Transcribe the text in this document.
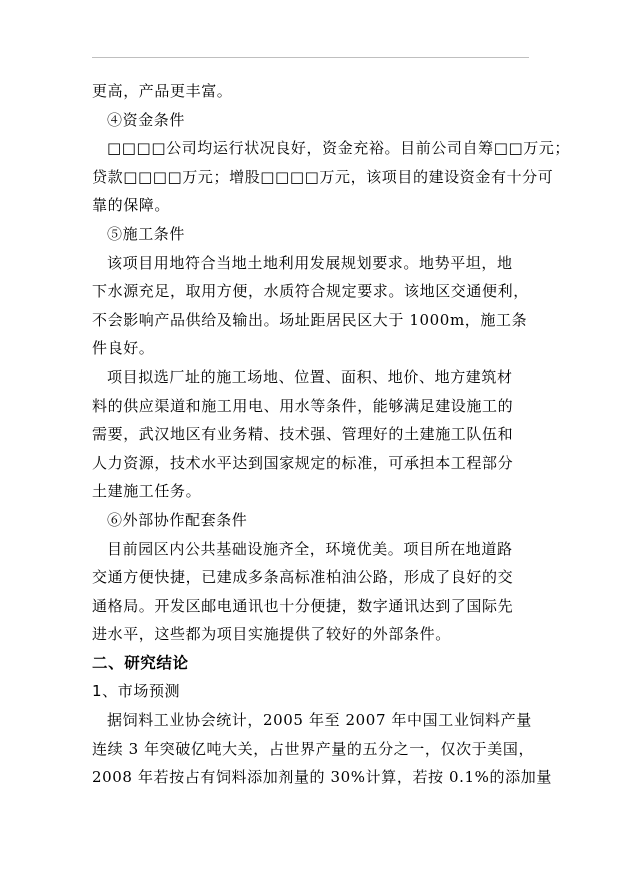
更高，产品更丰富。
④资金条件
□□□□公司均运行状况良好，资金充裕。目前公司自筹□□万元；
贷款□□□□万元；增股□□□□万元，该项目的建设资金有十分可
靠的保障。
⑤施工条件
该项目用地符合当地土地利用发展规划要求。地势平坦，地
下水源充足，取用方便，水质符合规定要求。该地区交通便利，
不会影响产品供给及输出。场址距居民区大于 1000m，施工条
件良好。
项目拟选厂址的施工场地、位置、面积、地价、地方建筑材
料的供应渠道和施工用电、用水等条件，能够满足建设施工的
需要，武汉地区有业务精、技术强、管理好的土建施工队伍和
人力资源，技术水平达到国家规定的标准，可承担本工程部分
土建施工任务。
⑥外部协作配套条件
目前园区内公共基础设施齐全，环境优美。项目所在地道路
交通方便快捷，已建成多条高标准柏油公路，形成了良好的交
通格局。开发区邮电通讯也十分便捷，数字通讯达到了国际先
进水平，这些都为项目实施提供了较好的外部条件。
二、研究结论
1、市场预测
据饲料工业协会统计，2005 年至 2007 年中国工业饲料产量
连续 3 年突破亿吨大关，占世界产量的五分之一，仅次于美国，
2008 年若按占有饲料添加剂量的 30%计算，若按 0.1%的添加量
